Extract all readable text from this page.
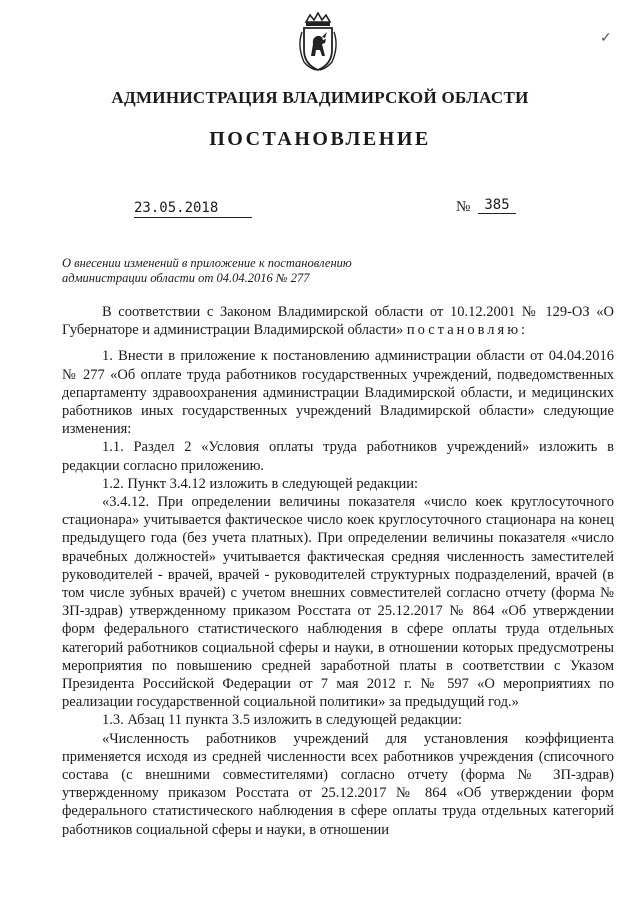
✓
АДМИНИСТРАЦИЯ ВЛАДИМИРСКОЙ ОБЛАСТИ
ПОСТАНОВЛЕНИЕ
23.05.2018	№	385
О внесении изменений в приложение к постановлению администрации области от 04.04.2016 № 277

В соответствии с Законом Владимирской области от 10.12.2001 № 129-ОЗ «О Губернаторе и администрации Владимирской области» постановляю:

1. Внести в приложение к постановлению администрации области от 04.04.2016 № 277 «Об оплате труда работников государственных учреждений, подведомственных департаменту здравоохранения администрации Владимирской области, и медицинских работников иных государственных учреждений Владимирской области» следующие изменения:

1.1. Раздел 2 «Условия оплаты труда работников учреждений» изложить в редакции согласно приложению.

1.2. Пункт 3.4.12 изложить в следующей редакции:

«3.4.12. При определении величины показателя «число коек круглосуточного стационара» учитывается фактическое число коек круглосуточного стационара на конец предыдущего года (без учета платных). При определении величины показателя «число врачебных должностей» учитывается фактическая средняя численность заместителей руководителей - врачей, врачей - руководителей структурных подразделений, врачей (в том числе зубных врачей) с учетом внешних совместителей согласно отчету (форма № ЗП-здрав) утвержденному приказом Росстата от 25.12.2017 № 864 «Об утверждении форм федерального статистического наблюдения в сфере оплаты труда отдельных категорий работников социальной сферы и науки, в отношении которых предусмотрены мероприятия по повышению средней заработной платы в соответствии с Указом Президента Российской Федерации от 7 мая 2012 г. № 597 «О мероприятиях по реализации государственной социальной политики» за предыдущий год.»

1.3. Абзац 11 пункта 3.5 изложить в следующей редакции:

«Численность работников учреждений для установления коэффициента применяется исходя из средней численности всех работников учреждения (списочного состава (с внешними совместителями) согласно отчету (форма № ЗП-здрав) утвержденному приказом Росстата от 25.12.2017 № 864 «Об утверждении форм федерального статистического наблюдения в сфере оплаты труда отдельных категорий работников социальной сферы и науки, в отношении
